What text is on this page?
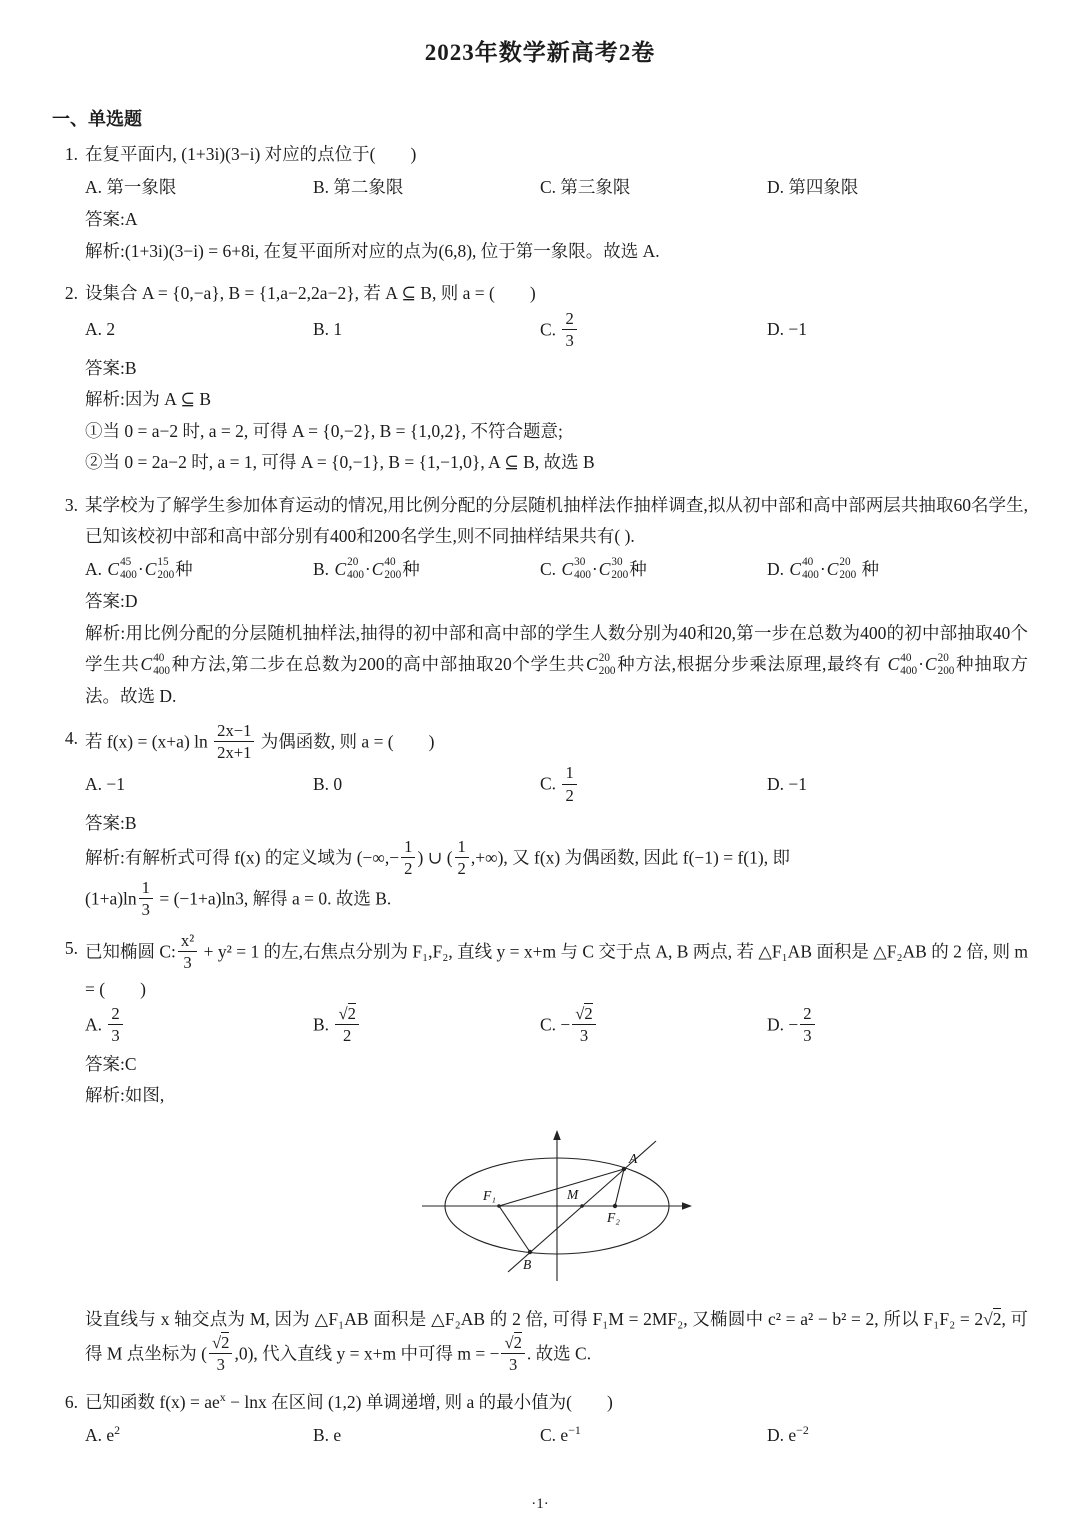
2023年数学新高考2卷
一、单选题
1. 在复平面内, (1+3i)(3−i) 对应的点位于(　　)
A. 第一象限	B. 第二象限	C. 第三象限	D. 第四象限
答案:A
解析:(1+3i)(3−i) = 6+8i, 在复平面所对应的点为(6,8), 位于第一象限。故选 A.
2. 设集合 A = {0,−a}, B = {1,a−2,2a−2}, 若 A ⊆ B, 则 a = (　　)
A. 2	B. 1	C. $\frac{2}{3}$	D. −1
答案:B
解析:因为 A ⊆ B
①当 0 = a−2 时, a = 2, 可得 A = {0,−2}, B = {1,0,2}, 不符合题意;
②当 0 = 2a−2 时, a = 1, 可得 A = {0,−1}, B = {1,−1,0}, A ⊆ B, 故选 B
3. 某学校为了解学生参加体育运动的情况,用比例分配的分层随机抽样法作抽样调查,拟从初中部和高中部两层共抽取60名学生,已知该校初中部和高中部分别有400和200名学生,则不同抽样结果共有( ).
A. C 45
400 · C 15
200 种	B. C 20
400 · C 40
200 种	C. C 30
400 · C 30
200 种	D. C 40
400 · C 20
200 种
答案:D
解析:用比例分配的分层随机抽样法,抽得的初中部和高中部的学生人数分别为40和20,第一步在总数为400的初中部抽取40个学生共 C 40
400 种方法,第二步在总数为200的高中部抽取20个学生共 C 20
200 种方法,根据分步乘法原理,最终有 C 40
400 · C 20
200 种抽取方法。故选 D.
4. 若 f(x) = (x+a) $\ln \frac{2x-1}{2x+1}$ 为偶函数, 则 a = (　　)
A. −1	B. 0	C. $\frac{1}{2}$	D. −1
答案:B
解析:有解析式可得 f(x) 的定义域为 (−∞,− $\frac{1}{2}$ ) ∪ ( $\frac{1}{2}$ ,+∞), 又 f(x) 为偶函数, 因此 f(−1) = f(1), 即
$(1+a)\ln \frac{1}{3} = (-1+a)\ln 3$, 解得 a = 0. 故选 B.
5. 已知椭圆 C: $\frac{\text{x²}}{3} + y^2 = 1$ 的左,右焦点分别为 F₁,F₂, 直线 y = x+m 与 C 交于点 A, B 两点, 若 △F₁AB 面积是 △F₂AB 的 2 倍, 则 m = (　　)
A. $\frac{2}{3}$	B. $\frac{√2}{2}$	C. − $\frac{√2}{3}$	D. − $\frac{2}{3}$
答案:C
解析:如图,
F₁
F₂
M
A
B
设直线与 x 轴交点为 M, 因为 △F₁AB 面积是 △F₂AB 的 2 倍, 可得 F₁M = 2MF₂, 又椭圆中 c² = a² − b² = 2, 所以 F₁F₂ = 2√2, 可得 M 点坐标为 ( $\frac{√2}{3} ,0$), 代入直线 y = x+m 中可得 m = − $\frac{√2}{3}$ . 故选 C.
6. 已知函数 $f(x) = ae^x - \ln x$ 在区间 (1,2) 单调递增, 则 a 的最小值为(　　)
A. $e^2$	B. e	C. $e^{-1}$	D. $e^{-2}$
·1·
